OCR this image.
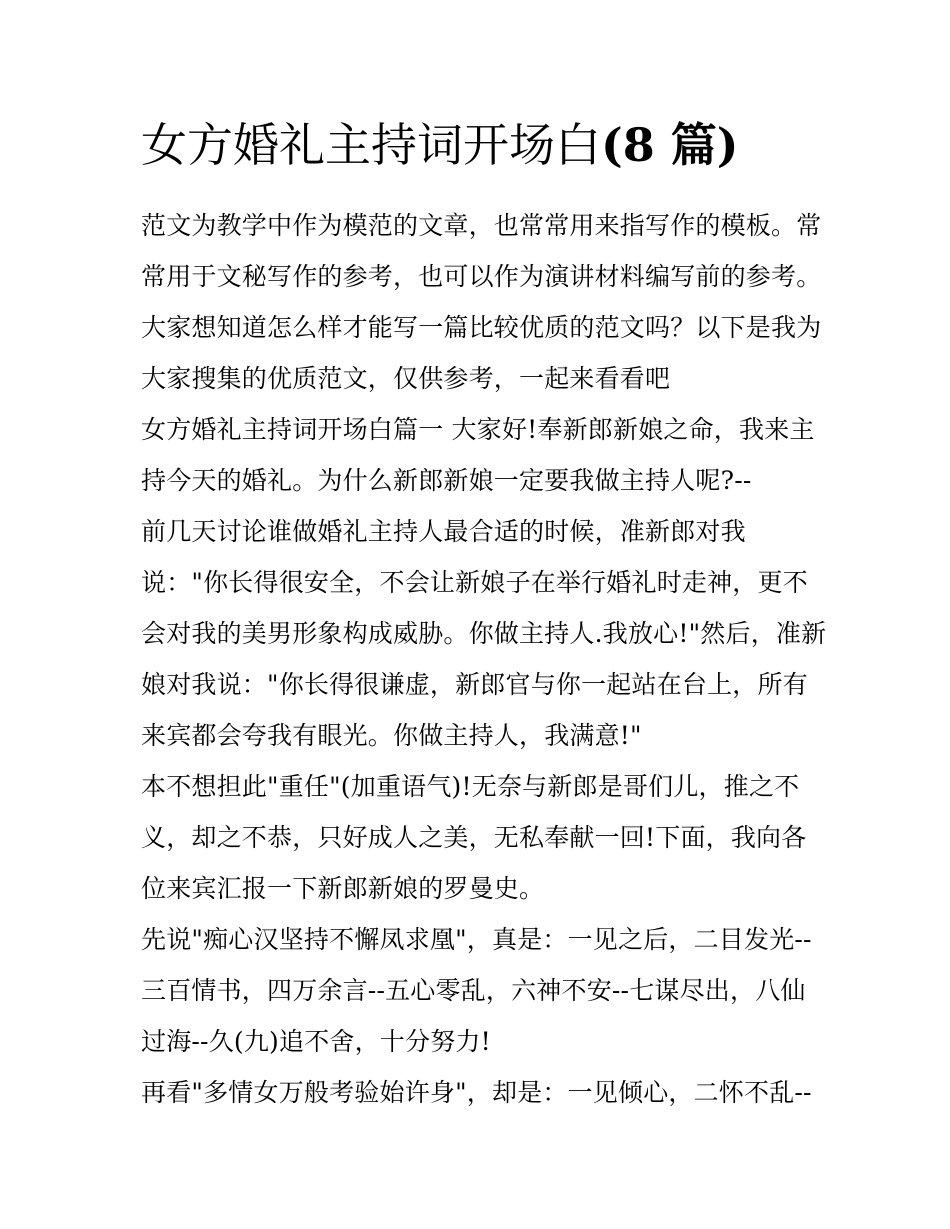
女方婚礼主持词开场白(8 篇)
范文为教学中作为模范的文章，也常常用来指写作的模板。常
常用于文秘写作的参考，也可以作为演讲材料编写前的参考。
大家想知道怎么样才能写一篇比较优质的范文吗？以下是我为
大家搜集的优质范文，仅供参考，一起来看看吧
女方婚礼主持词开场白篇一 大家好!奉新郎新娘之命，我来主
持今天的婚礼。为什么新郎新娘一定要我做主持人呢?--
前几天讨论谁做婚礼主持人最合适的时候，准新郎对我
说："你长得很安全，不会让新娘子在举行婚礼时走神，更不
会对我的美男形象构成威胁。你做主持人.我放心!"然后，准新
娘对我说："你长得很谦虚，新郎官与你一起站在台上，所有
来宾都会夸我有眼光。你做主持人，我满意!"
本不想担此"重任"(加重语气)!无奈与新郎是哥们儿，推之不
义，却之不恭，只好成人之美，无私奉献一回!下面，我向各
位来宾汇报一下新郎新娘的罗曼史。
先说"痴心汉坚持不懈凤求凰"，真是：一见之后，二目发光--
三百情书，四万余言--五心零乱，六神不安--七谋尽出，八仙
过海--久(九)追不舍，十分努力!
再看"多情女万般考验始许身"，却是：一见倾心，二怀不乱--
